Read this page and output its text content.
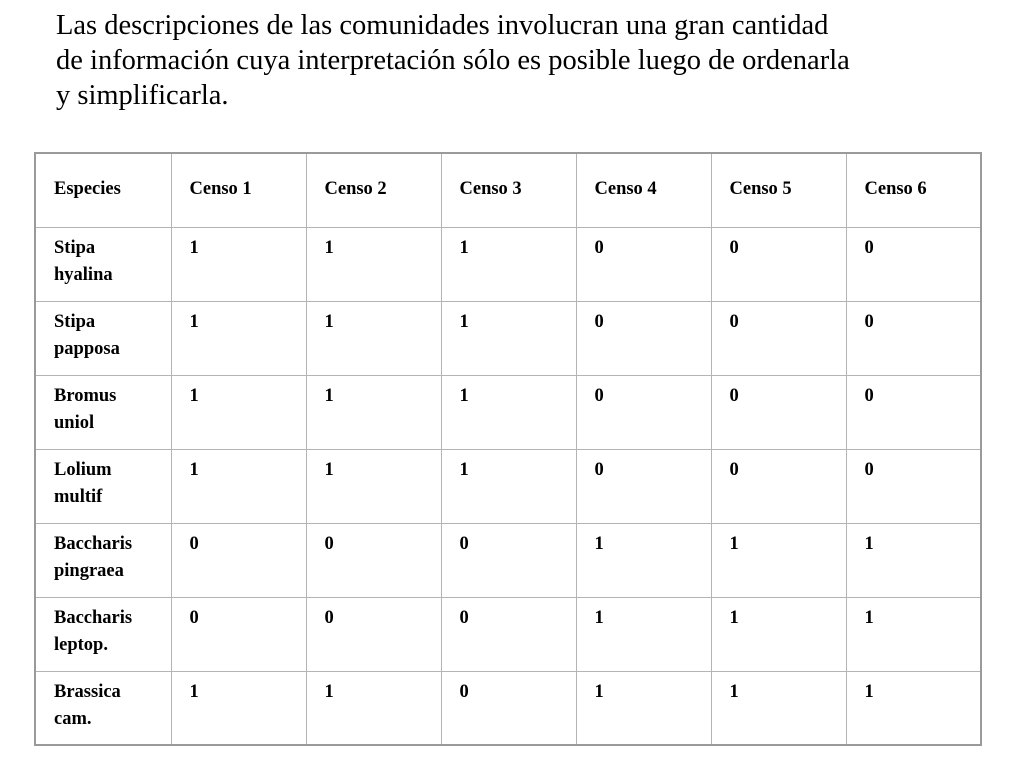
Las descripciones de las comunidades involucran una gran cantidad
de información cuya interpretación sólo es posible luego de ordenarla
y simplificarla.
Especies	Censo 1	Censo 2	Censo 3	Censo 4	Censo 5	Censo 6

Stipa
hyalina	1	1	1	0	0	0

Stipa
papposa	1	1	1	0	0	0

Bromus
uniol	1	1	1	0	0	0

Lolium
multif	1	1	1	0	0	0

Baccharis
pingraea	0	0	0	1	1	1

Baccharis
leptop.	0	0	0	1	1	1

Brassica
cam.	1	1	0	1	1	1
